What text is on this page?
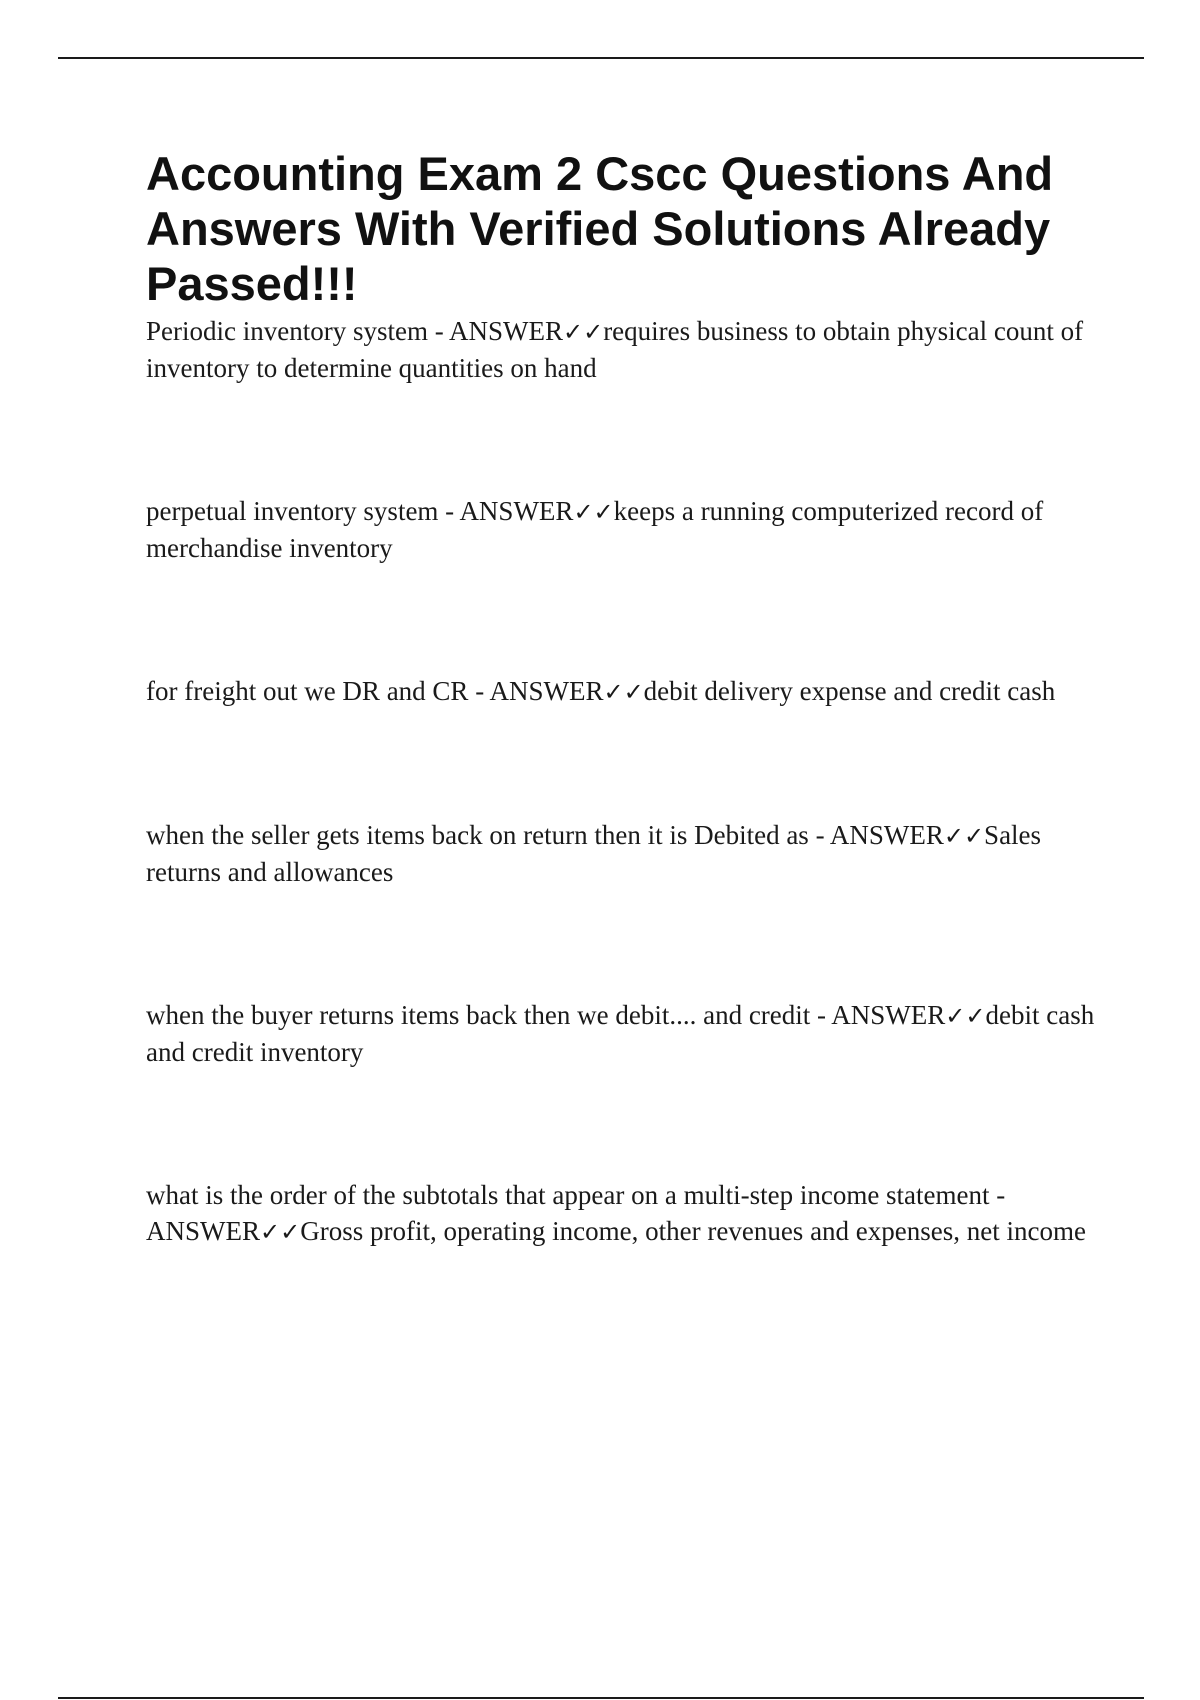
Accounting Exam 2 Cscc Questions And Answers With Verified Solutions Already Passed!!!

Periodic inventory system - ANSWER✓✓requires business to obtain physical count of inventory to determine quantities on hand

perpetual inventory system - ANSWER✓✓keeps a running computerized record of merchandise inventory

for freight out we DR and CR - ANSWER✓✓debit delivery expense and credit cash

when the seller gets items back on return then it is Debited as - ANSWER✓✓Sales returns and allowances

when the buyer returns items back then we debit.... and credit - ANSWER✓✓debit cash and credit inventory

what is the order of the subtotals that appear on a multi-step income statement - ANSWER✓✓Gross profit, operating income, other revenues and expenses, net income
